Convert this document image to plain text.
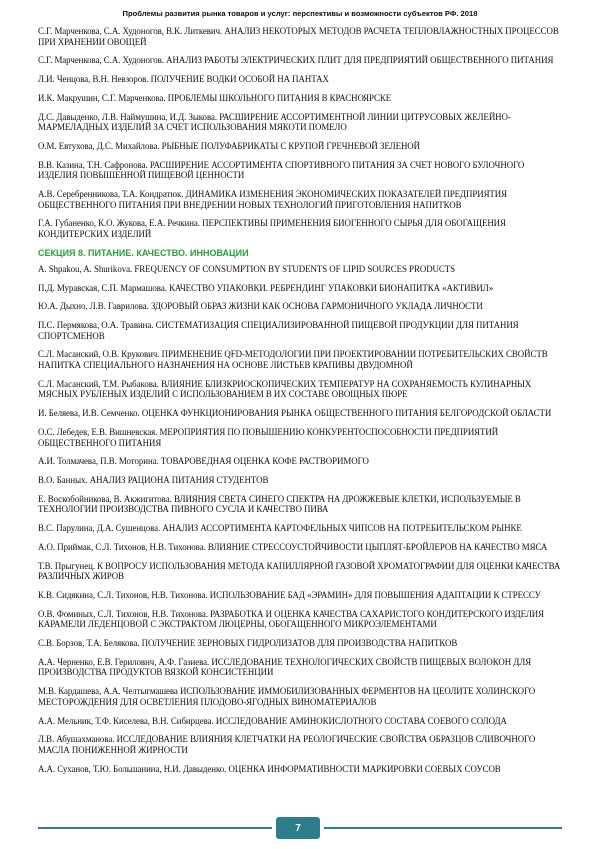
Проблемы развития рынка товаров и услуг: перспективы и возможности субъектов РФ. 2018

С.Г. Марченкова, С.А. Худоногов, В.К. Литкевич. АНАЛИЗ НЕКОТОРЫХ МЕТОДОВ РАСЧЕТА ТЕПЛОВЛАЖНОСТНЫХ ПРОЦЕССОВ ПРИ ХРАНЕНИИ ОВОЩЕЙ

С.Г. Марченкова, С.А. Худоногов. АНАЛИЗ РАБОТЫ ЭЛЕКТРИЧЕСКИХ ПЛИТ ДЛЯ ПРЕДПРИЯТИЙ ОБЩЕСТВЕННОГО ПИТАНИЯ

Л.И. Ченцова, В.Н. Невзоров. ПОЛУЧЕНИЕ ВОДКИ ОСОБОЙ НА ПАНТАХ

И.К. Макрушин, С.Г. Марченкова. ПРОБЛЕМЫ ШКОЛЬНОГО ПИТАНИЯ В КРАСНОЯРСКЕ

Д.С. Давыденко, Л.В. Наймушина, И.Д. Зыкова. РАСШИРЕНИЕ АССОРТИМЕНТНОЙ ЛИНИИ ЦИТРУСОВЫХ ЖЕЛЕЙНО-МАРМЕЛАДНЫХ ИЗДЕЛИЙ ЗА СЧЕТ ИСПОЛЬЗОВАНИЯ МЯКОТИ ПОМЕЛО

О.М. Евтухова, Д.С. Михайлова. РЫБНЫЕ ПОЛУФАБРИКАТЫ С КРУПОЙ ГРЕЧНЕВОЙ ЗЕЛЕНОЙ

В.В. Казина, Т.Н. Сафронова. РАСШИРЕНИЕ АССОРТИМЕНТА СПОРТИВНОГО ПИТАНИЯ ЗА СЧЕТ НОВОГО БУЛОЧНОГО ИЗДЕЛИЯ ПОВЫШЕННОЙ ПИЩЕВОЙ ЦЕННОСТИ

А.В. Серебренникова, Т.А. Кондратюк. ДИНАМИКА ИЗМЕНЕНИЯ ЭКОНОМИЧЕСКИХ ПОКАЗАТЕЛЕЙ ПРЕДПРИЯТИЯ ОБЩЕСТВЕННОГО ПИТАНИЯ ПРИ ВНЕДРЕНИИ НОВЫХ ТЕХНОЛОГИЙ ПРИГОТОВЛЕНИЯ НАПИТКОВ

Г.А. Губаненко, К.О. Жукова, Е.А. Речкина. ПЕРСПЕКТИВЫ ПРИМЕНЕНИЯ БИОГЕННОГО СЫРЬЯ ДЛЯ ОБОГАЩЕНИЯ КОНДИТЕРСКИХ ИЗДЕЛИЙ

СЕКЦИЯ 8. ПИТАНИЕ. КАЧЕСТВО. ИННОВАЦИИ

A. Shpakou, A. Shurikova. FREQUENCY OF CONSUMPTION BY STUDENTS OF LIPID SOURCES PRODUCTS

П.Д. Муравская, С.П. Мармашова. КАЧЕСТВО УПАКОВКИ. РЕБРЕНДИНГ УПАКОВКИ БИОНАПИТКА «АКТИВИЛ»

Ю.А. Дыхно, Л.В. Гаврилова. ЗДОРОВЫЙ ОБРАЗ ЖИЗНИ КАК ОСНОВА ГАРМОНИЧНОГО УКЛАДА ЛИЧНОСТИ

П.С. Пермякова, О.А. Травина. СИСТЕМАТИЗАЦИЯ СПЕЦИАЛИЗИРОВАННОЙ ПИЩЕВОЙ ПРОДУКЦИИ ДЛЯ ПИТАНИЯ СПОРТСМЕНОВ

С.Л. Масанский, О.В. Крукович. ПРИМЕНЕНИЕ QFD-МЕТОДОЛОГИИ ПРИ ПРОЕКТИРОВАНИИ ПОТРЕБИТЕЛЬСКИХ СВОЙСТВ НАПИТКА СПЕЦИАЛЬНОГО НАЗНАЧЕНИЯ НА ОСНОВЕ ЛИСТЬЕВ КРАПИВЫ ДВУДОМНОЙ

С.Л. Масанский, Т.М. Рыбакова. ВЛИЯНИЕ БЛИЗКРИОСКОПИЧЕСКИХ ТЕМПЕРАТУР НА СОХРАНЯЕМОСТЬ КУЛИНАРНЫХ МЯСНЫХ РУБЛЕНЫХ ИЗДЕЛИЙ С ИСПОЛЬЗОВАНИЕМ В ИХ СОСТАВЕ ОВОЩНЫХ ПЮРЕ

И. Беляева, И.В. Семченко. ОЦЕНКА ФУНКЦИОНИРОВАНИЯ РЫНКА ОБЩЕСТВЕННОГО ПИТАНИЯ БЕЛГОРОДСКОЙ ОБЛАСТИ

О.С. Лебедев, Е.В. Вишневская. МЕРОПРИЯТИЯ ПО ПОВЫШЕНИЮ КОНКУРЕНТОСПОСОБНОСТИ ПРЕДПРИЯТИЙ ОБЩЕСТВЕННОГО ПИТАНИЯ

А.И. Толмачева, П.В. Моторина. ТОВАРОВЕДНАЯ ОЦЕНКА КОФЕ РАСТВОРИМОГО

В.О. Банных. АНАЛИЗ РАЦИОНА ПИТАНИЯ СТУДЕНТОВ

Е. Воскобойникова, В. Акжигитова. ВЛИЯНИЯ СВЕТА СИНЕГО СПЕКТРА НА ДРОЖЖЕВЫЕ КЛЕТКИ, ИСПОЛЬЗУЕМЫЕ В ТЕХНОЛОГИИ ПРОИЗВОДСТВА ПИВНОГО СУСЛА И КАЧЕСТВО ПИВА

В.С. Парулина, Д.А. Сушенцова. АНАЛИЗ АССОРТИМЕНТА КАРТОФЕЛЬНЫХ ЧИПСОВ НА ПОТРЕБИТЕЛЬСКОМ РЫНКЕ

А.О. Приймак, С.Л. Тихонов, Н.В. Тихонова. ВЛИЯНИЕ СТРЕССОУСТОЙЧИВОСТИ ЦЫПЛЯТ-БРОЙЛЕРОВ НА КАЧЕСТВО МЯСА

Т.В. Прыгунец. К ВОПРОСУ ИСПОЛЬЗОВАНИЯ МЕТОДА КАПИЛЛЯРНОЙ ГАЗОВОЙ ХРОМАТОГРАФИИ ДЛЯ ОЦЕНКИ КАЧЕСТВА РАЗЛИЧНЫХ ЖИРОВ

К.В. Сидякина, С.Л. Тихонов, Н.В. Тихонова. ИСПОЛЬЗОВАНИЕ БАД «ЭРАМИН» ДЛЯ ПОВЫШЕНИЯ АДАПТАЦИИ К СТРЕССУ

О.В. Фоминых, С.Л. Тихонов, Н.В. Тихонова. РАЗРАБОТКА И ОЦЕНКА КАЧЕСТВА САХАРИСТОГО КОНДИТЕРСКОГО ИЗДЕЛИЯ КАРАМЕЛИ ЛЕДЕНЦОВОЙ С ЭКСТРАКТОМ ЛЮЦЕРНЫ, ОБОГАЩЕННОГО МИКРОЭЛЕМЕНТАМИ

С.В. Борзов, Т.А. Белякова. ПОЛУЧЕНИЕ ЗЕРНОВЫХ ГИДРОЛИЗАТОВ ДЛЯ ПРОИЗВОДСТВА НАПИТКОВ

А.А. Черненко, Е.В. Гериловнч, А.Ф. Газиева. ИССЛЕДОВАНИЕ ТЕХНОЛОГИЧЕСКИХ СВОЙСТВ ПИЩЕВЫХ ВОЛОКОН ДЛЯ ПРОИЗВОДСТВА ПРОДУКТОВ ВЯЗКОЙ КОНСИСТЕНЦИИ

М.В. Кардашева, А.А. Челтыгмашева ИСПОЛЬЗОВАНИЕ ИММОБИЛИЗОВАННЫХ ФЕРМЕНТОВ НА ЦЕОЛИТЕ ХОЛИНСКОГО МЕСТОРОЖДЕНИЯ ДЛЯ ОСВЕТЛЕНИЯ ПЛОДОВО-ЯГОДНЫХ ВИНОМАТЕРИАЛОВ

А.А. Мельник, Т.Ф. Киселева, В.Н. Сибирцева. ИССЛЕДОВАНИЕ АМИНОКИСЛОТНОГО СОСТАВА СОЕВОГО СОЛОДА

Л.В. Абушахманова. ИССЛЕДОВАНИЕ ВЛИЯНИЯ КЛЕТЧАТКИ НА РЕОЛОГИЧЕСКИЕ СВОЙСТВА ОБРАЗЦОВ СЛИВОЧНОГО МАСЛА ПОНИЖЕННОЙ ЖИРНОСТИ

А.А. Суханов, Т.Ю. Большанина, Н.И. Давыденко. ОЦЕНКА ИНФОРМАТИВНОСТИ МАРКИРОВКИ СОЕВЫХ СОУСОВ

7
